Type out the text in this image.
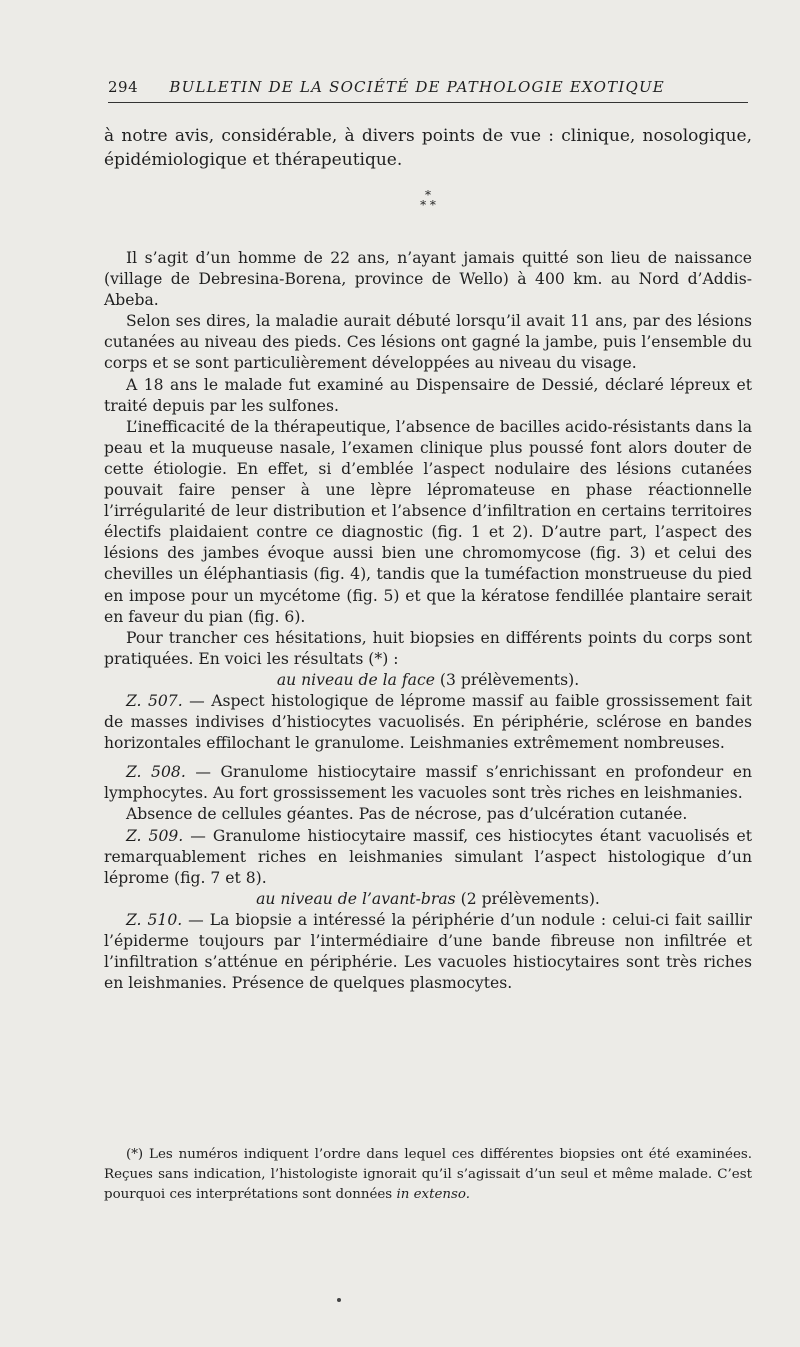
294 BULLETIN DE LA SOCIÉTÉ DE PATHOLOGIE EXOTIQUE

à notre avis, considérable, à divers points de vue : clinique, nosologique, épidémiologique et thérapeutique.

*
* *

Il s’agit d’un homme de 22 ans, n’ayant jamais quitté son lieu de naissance (village de Debresina-Borena, province de Wello) à 400 km. au Nord d’Addis-Abeba.

Selon ses dires, la maladie aurait débuté lorsqu’il avait 11 ans, par des lésions cutanées au niveau des pieds. Ces lésions ont gagné la jambe, puis l’ensemble du corps et se sont particulièrement développées au niveau du visage.

A 18 ans le malade fut examiné au Dispensaire de Dessié, déclaré lépreux et traité depuis par les sulfones.

L’inefficacité de la thérapeutique, l’absence de bacilles acido-résistants dans la peau et la muqueuse nasale, l’examen clinique plus poussé font alors douter de cette étiologie. En effet, si d’emblée l’aspect nodulaire des lésions cutanées pouvait faire penser à une lèpre lépromateuse en phase réactionnelle l’irrégularité de leur distribution et l’absence d’infiltration en certains territoires électifs plaidaient contre ce diagnostic (fig. 1 et 2). D’autre part, l’aspect des lésions des jambes évoque aussi bien une chromomycose (fig. 3) et celui des chevilles un éléphantiasis (fig. 4), tandis que la tuméfaction monstrueuse du pied en impose pour un mycétome (fig. 5) et que la kératose fendillée plantaire serait en faveur du pian (fig. 6).

Pour trancher ces hésitations, huit biopsies en différents points du corps sont pratiquées. En voici les résultats (*) :

au niveau de la face (3 prélèvements).

Z. 507. — Aspect histologique de léprome massif au faible grossissement fait de masses indivises d’histiocytes vacuolisés. En périphérie, sclérose en bandes horizontales effilochant le granulome. Leishmanies extrêmement nombreuses.

Z. 508. — Granulome histiocytaire massif s’enrichissant en profondeur en lymphocytes. Au fort grossissement les vacuoles sont très riches en leishmanies.

Absence de cellules géantes. Pas de nécrose, pas d’ulcération cutanée.

Z. 509. — Granulome histiocytaire massif, ces histiocytes étant vacuolisés et remarquablement riches en leishmanies simulant l’aspect histologique d’un léprome (fig. 7 et 8).

au niveau de l’avant-bras (2 prélèvements).

Z. 510. — La biopsie a intéressé la périphérie d’un nodule : celui-ci fait saillir l’épiderme toujours par l’intermédiaire d’une bande fibreuse non infiltrée et l’infiltration s’atténue en périphérie. Les vacuoles histiocytaires sont très riches en leishmanies. Présence de quelques plasmocytes.

(*) Les numéros indiquent l’ordre dans lequel ces différentes biopsies ont été examinées. Reçues sans indication, l’histologiste ignorait qu’il s’agissait d’un seul et même malade. C’est pourquoi ces interprétations sont données in extenso.
